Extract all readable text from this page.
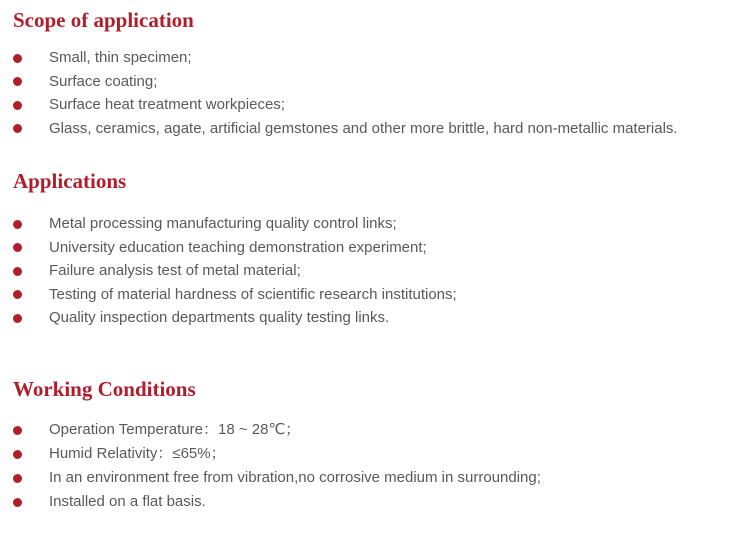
Scope of application
Small, thin specimen;
Surface coating;
Surface heat treatment workpieces;
Glass, ceramics, agate, artificial gemstones and other more brittle, hard non-metallic materials.
Applications
Metal processing manufacturing quality control links;
University education teaching demonstration experiment;
Failure analysis test of metal material;
Testing of material hardness of scientific research institutions;
Quality inspection departments quality testing links.
Working Conditions
Operation Temperature：18 ~ 28℃；
Humid Relativity：≤65%；
In an environment free from vibration,no corrosive medium in surrounding;
Installed on a flat basis.
